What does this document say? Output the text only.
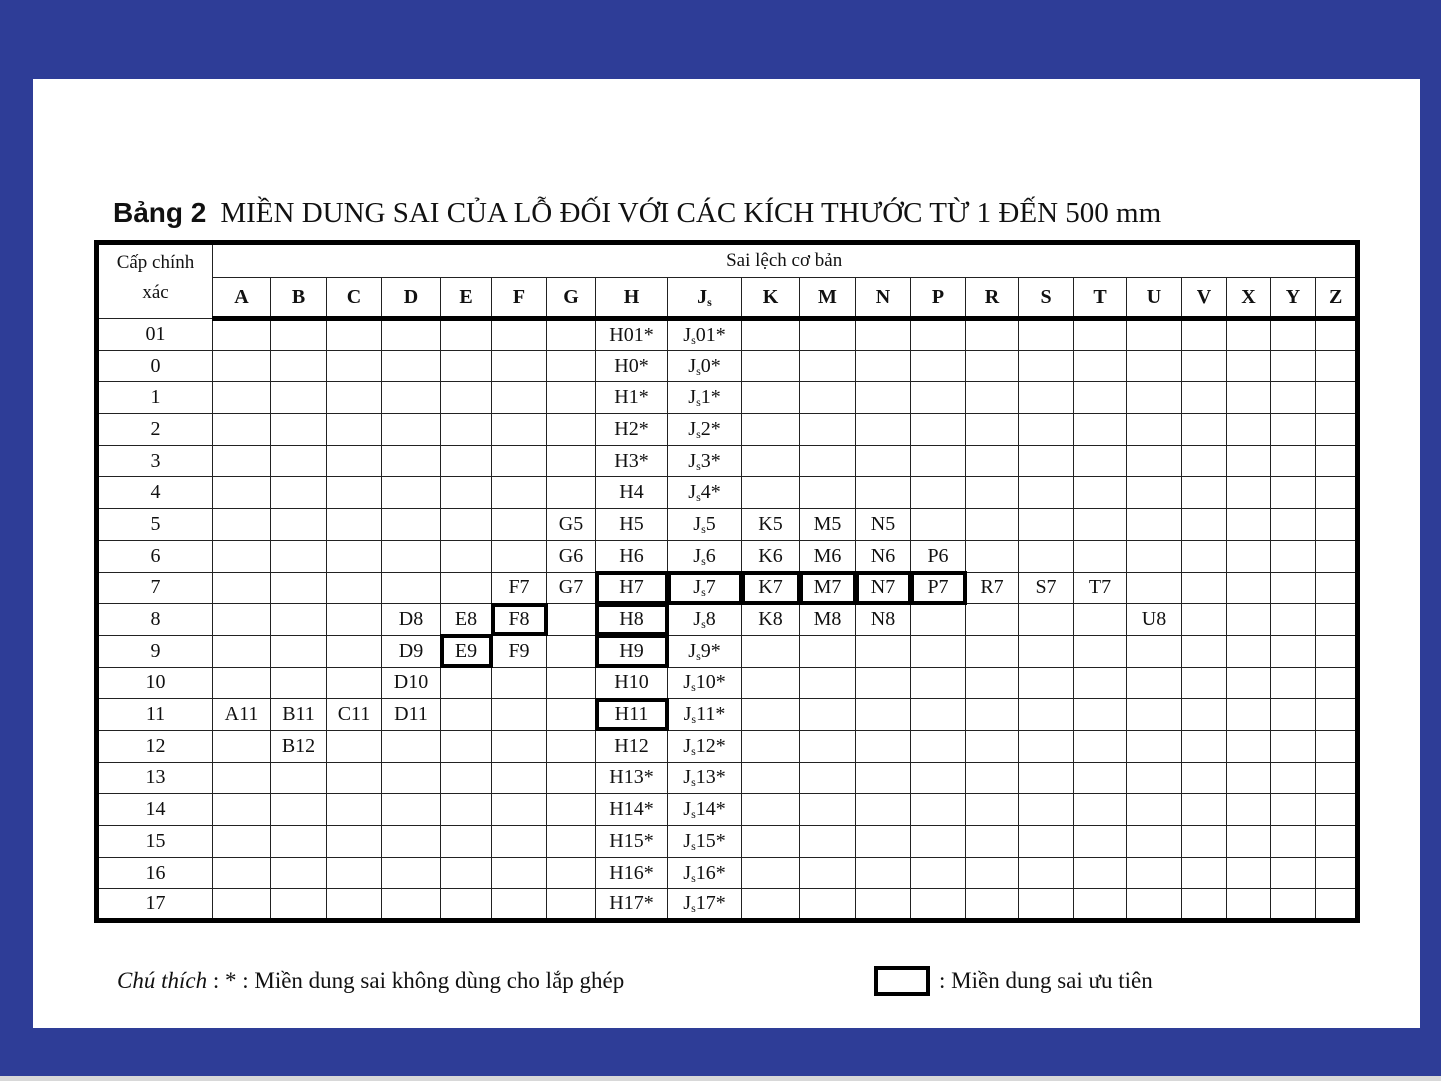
Bảng 2 MIỀN DUNG SAI CỦA LỖ ĐỐI VỚI CÁC KÍCH THƯỚC TỪ 1 ĐẾN 500 mm
Cấp chính
xác	Sai lệch cơ bản																				
	A	B	C	D	E	F	G	H	$J_s$	K	M	N	P	R	S	T	U	V	X	Y	Z
01								H01*	$J_s01*$												
0								H0*	$J_s0*$												
1								H1*	$J_s1*$												
2								H2*	$J_s2*$												
3								H3*	$J_s3*$												
4								H4	$J_s4*$												
5							G5	H5	$J_s5$	K5	M5	N5									
6							G6	H6	$J_s6$	K6	M6	N6	P6								
7						F7	G7	H7	$J_s7$	K7	M7	N7	P7	R7	S7	T7					
8				D8	E8	F8		H8	$J_s8$	K8	M8	N8					U8				
9				D9	E9	F9		H9	$J_s9*$												
10				D10				H10	$J_s10*$												
11	A11	B11	C11	D11				H11	$J_s11*$												
12		B12						H12	$J_s12*$												
13								H13*	$J_s13*$												
14								H14*	$J_s14*$												
15								H15*	$J_s15*$												
16								H16*	$J_s16*$												
17								H17*	$J_s17*$												
Chú thích : * : Miền dung sai không dùng cho lắp ghép	: Miền dung sai ưu tiên
